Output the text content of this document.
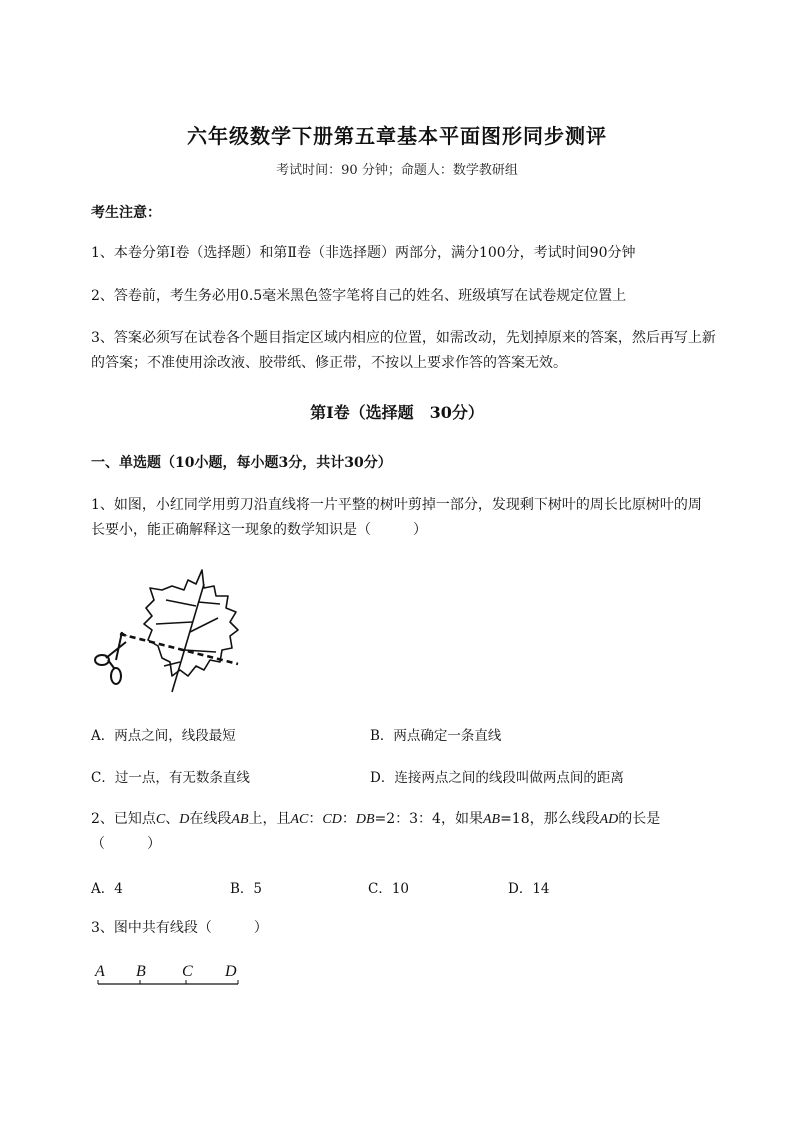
六年级数学下册第五章基本平面图形同步测评
考试时间：90 分钟；命题人：数学教研组
考生注意：
1、本卷分第Ⅰ卷（选择题）和第Ⅱ卷（非选择题）两部分，满分100分，考试时间90分钟
2、答卷前，考生务必用0.5毫米黑色签字笔将自己的姓名、班级填写在试卷规定位置上
3、答案必须写在试卷各个题目指定区域内相应的位置，如需改动，先划掉原来的答案，然后再写上新
的答案；不准使用涂改液、胶带纸、修正带，不按以上要求作答的答案无效。
第Ⅰ卷（选择题　30分）
一、单选题（10小题，每小题3分，共计30分）
1、如图，小红同学用剪刀沿直线将一片平整的树叶剪掉一部分，发现剩下树叶的周长比原树叶的周
长要小，能正确解释这一现象的数学知识是（　　　）
A．两点之间，线段最短	B．两点确定一条直线
C．过一点，有无数条直线	D．连接两点之间的线段叫做两点间的距离
2、已知点C、D在线段AB上，且AC：CD：DB=2：3：4，如果AB=18，那么线段AD的长是
（　　　）
A．4	B．5	C．10	D．14
3、图中共有线段（　　　）
A B C D
